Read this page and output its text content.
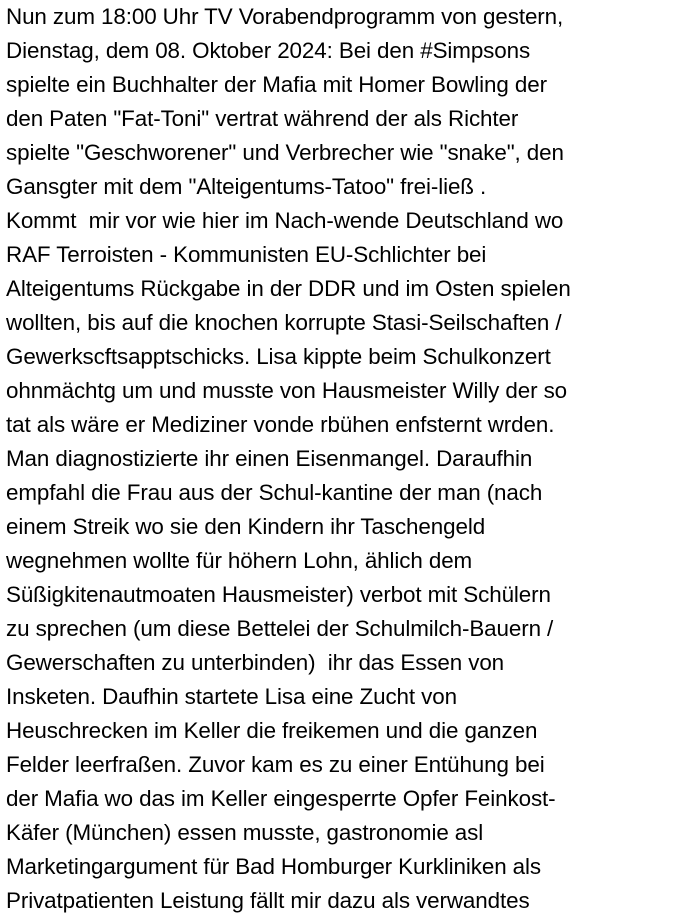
Nun zum 18:00 Uhr TV Vorabendprogramm von gestern,
Dienstag, dem 08. Oktober 2024: Bei den #Simpsons
spielte ein Buchhalter der Mafia mit Homer Bowling der
den Paten "Fat-Toni" vertrat während der als Richter
spielte "Geschworener" und Verbrecher wie "snake", den
Gansgter mit dem "Alteigentums-Tatoo" frei-ließ .
Kommt  mir vor wie hier im Nach-wende Deutschland wo
RAF Terroisten - Kommunisten EU-Schlichter bei
Alteigentums Rückgabe in der DDR und im Osten spielen
wollten, bis auf die knochen korrupte Stasi-Seilschaften /
Gewerkscftsapptschicks. Lisa kippte beim Schulkonzert
ohnmächtg um und musste von Hausmeister Willy der so
tat als wäre er Mediziner vonde rbühen enfsternt wrden.
Man diagnostizierte ihr einen Eisenmangel. Daraufhin
empfahl die Frau aus der Schul-kantine der man (nach
einem Streik wo sie den Kindern ihr Taschengeld
wegnehmen wollte für höhern Lohn, ählich dem
Süßigkitenautmoaten Hausmeister) verbot mit Schülern
zu sprechen (um diese Bettelei der Schulmilch-Bauern /
Gewerschaften zu unterbinden)  ihr das Essen von
Insketen. Daufhin startete Lisa eine Zucht von
Heuschrecken im Keller die freikemen und die ganzen
Felder leerfraßen. Zuvor kam es zu einer Entühung bei
der Mafia wo das im Keller eingesperrte Opfer Feinkost-
Käfer (München) essen musste, gastronomie asl
Marketingargument für Bad Homburger Kurkliniken als
Privatpatienten Leistung fällt mir dazu als verwandtes
